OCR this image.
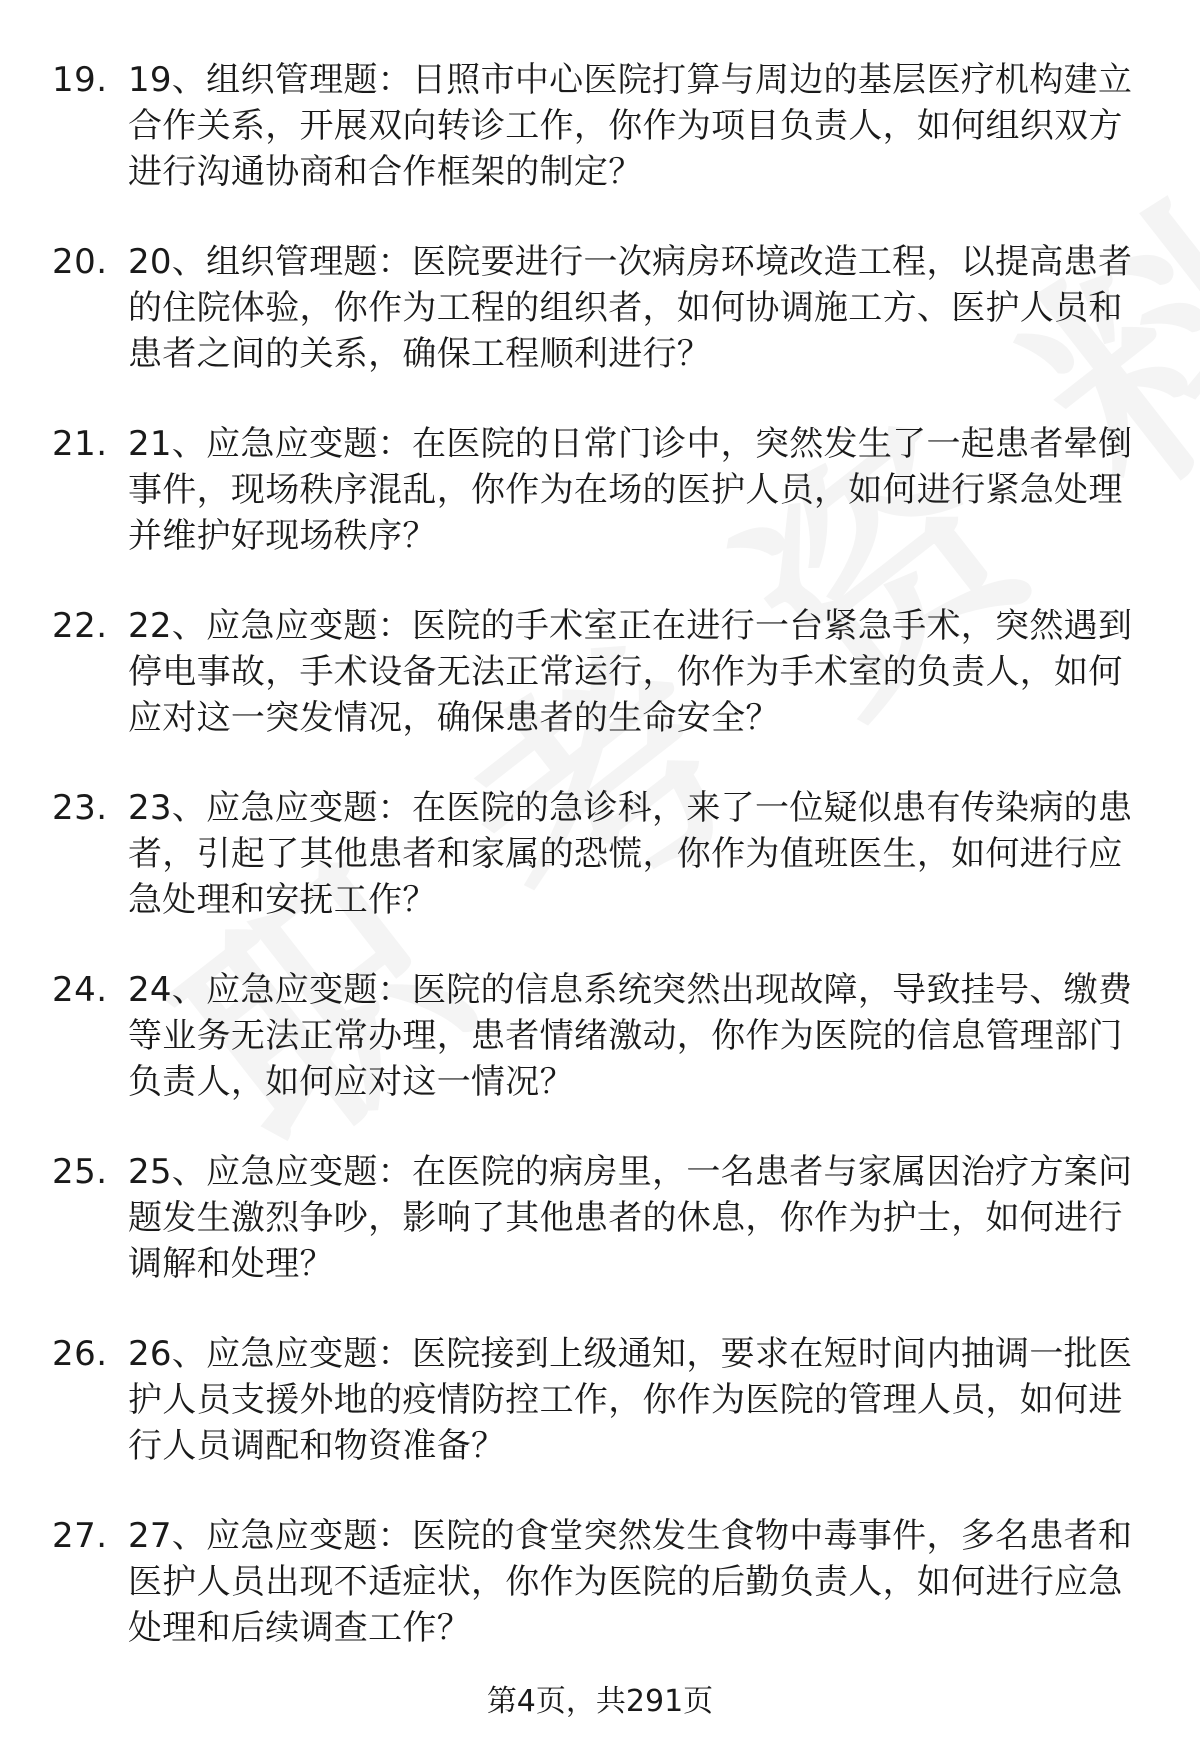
19. 19、组织管理题：日照市中心医院打算与周边的基层医疗机构建立合作关系，开展双向转诊工作，你作为项目负责人，如何组织双方进行沟通协商和合作框架的制定？
20. 20、组织管理题：医院要进行一次病房环境改造工程，以提高患者的住院体验，你作为工程的组织者，如何协调施工方、医护人员和患者之间的关系，确保工程顺利进行？
21. 21、应急应变题：在医院的日常门诊中，突然发生了一起患者晕倒事件，现场秩序混乱，你作为在场的医护人员，如何进行紧急处理并维护好现场秩序？
22. 22、应急应变题：医院的手术室正在进行一台紧急手术，突然遇到停电事故，手术设备无法正常运行，你作为手术室的负责人，如何应对这一突发情况，确保患者的生命安全？
23. 23、应急应变题：在医院的急诊科，来了一位疑似患有传染病的患者，引起了其他患者和家属的恐慌，你作为值班医生，如何进行应急处理和安抚工作？
24. 24、应急应变题：医院的信息系统突然出现故障，导致挂号、缴费等业务无法正常办理，患者情绪激动，你作为医院的信息管理部门负责人，如何应对这一情况？
25. 25、应急应变题：在医院的病房里，一名患者与家属因治疗方案问题发生激烈争吵，影响了其他患者的休息，你作为护士，如何进行调解和处理？
26. 26、应急应变题：医院接到上级通知，要求在短时间内抽调一批医护人员支援外地的疫情防控工作，你作为医院的管理人员，如何进行人员调配和物资准备？
27. 27、应急应变题：医院的食堂突然发生食物中毒事件，多名患者和医护人员出现不适症状，你作为医院的后勤负责人，如何进行应急处理和后续调查工作？
第4页，共291页
